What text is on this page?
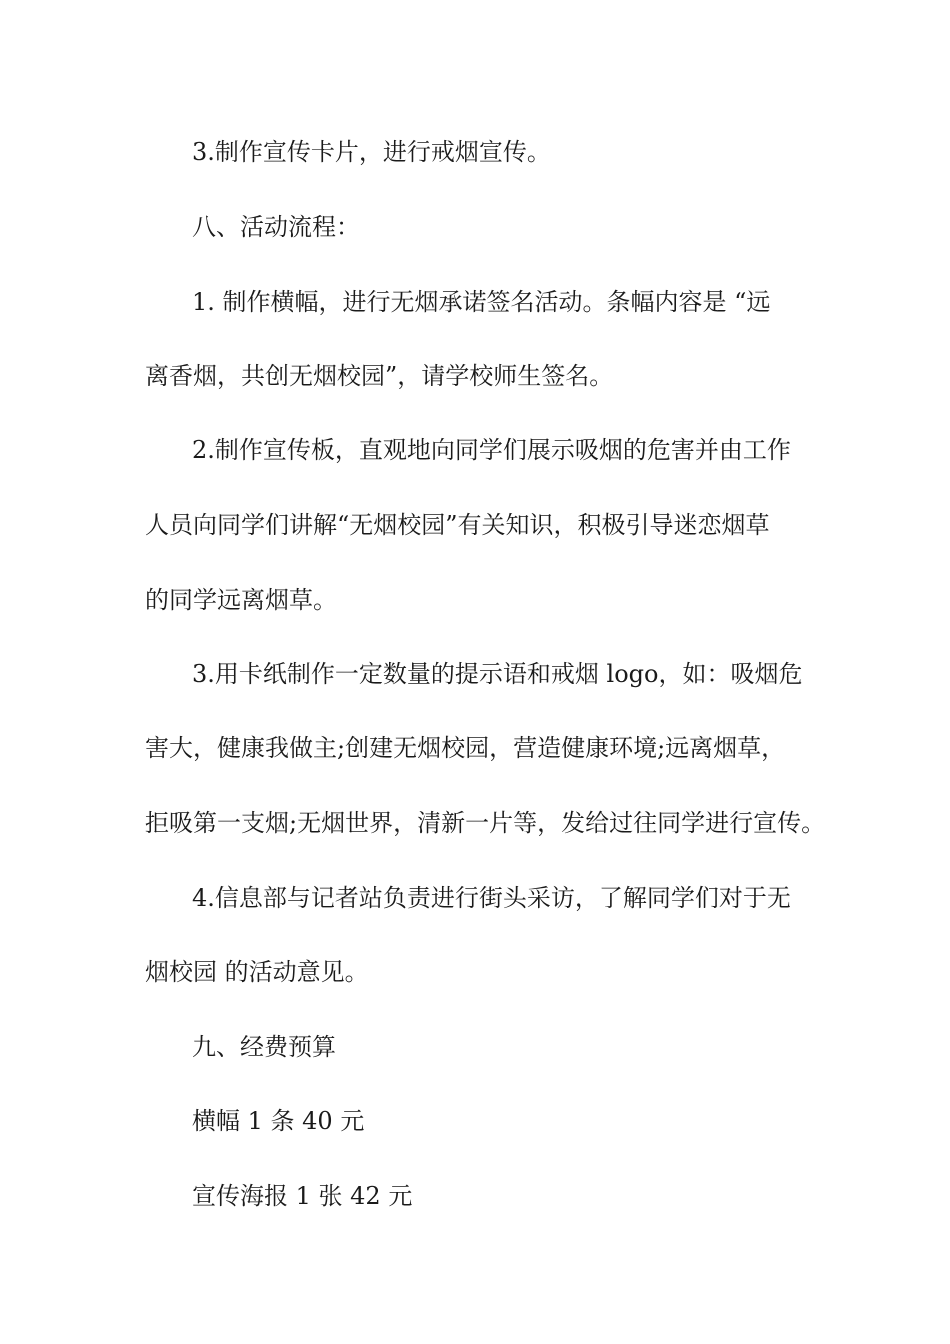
3.制作宣传卡片，进行戒烟宣传。

八、活动流程：

1. 制作横幅，进行无烟承诺签名活动。条幅内容是 “远

离香烟，共创无烟校园”，请学校师生签名。

2.制作宣传板，直观地向同学们展示吸烟的危害并由工作

人员向同学们讲解“无烟校园”有关知识，积极引导迷恋烟草

的同学远离烟草。

3.用卡纸制作一定数量的提示语和戒烟 logo，如：吸烟危

害大，健康我做主;创建无烟校园，营造健康环境;远离烟草，

拒吸第一支烟;无烟世界，清新一片等，发给过往同学进行宣传。

4.信息部与记者站负责进行街头采访，了解同学们对于无

烟校园 的活动意见。

九、经费预算

横幅 1 条 40 元

宣传海报 1 张 42 元
